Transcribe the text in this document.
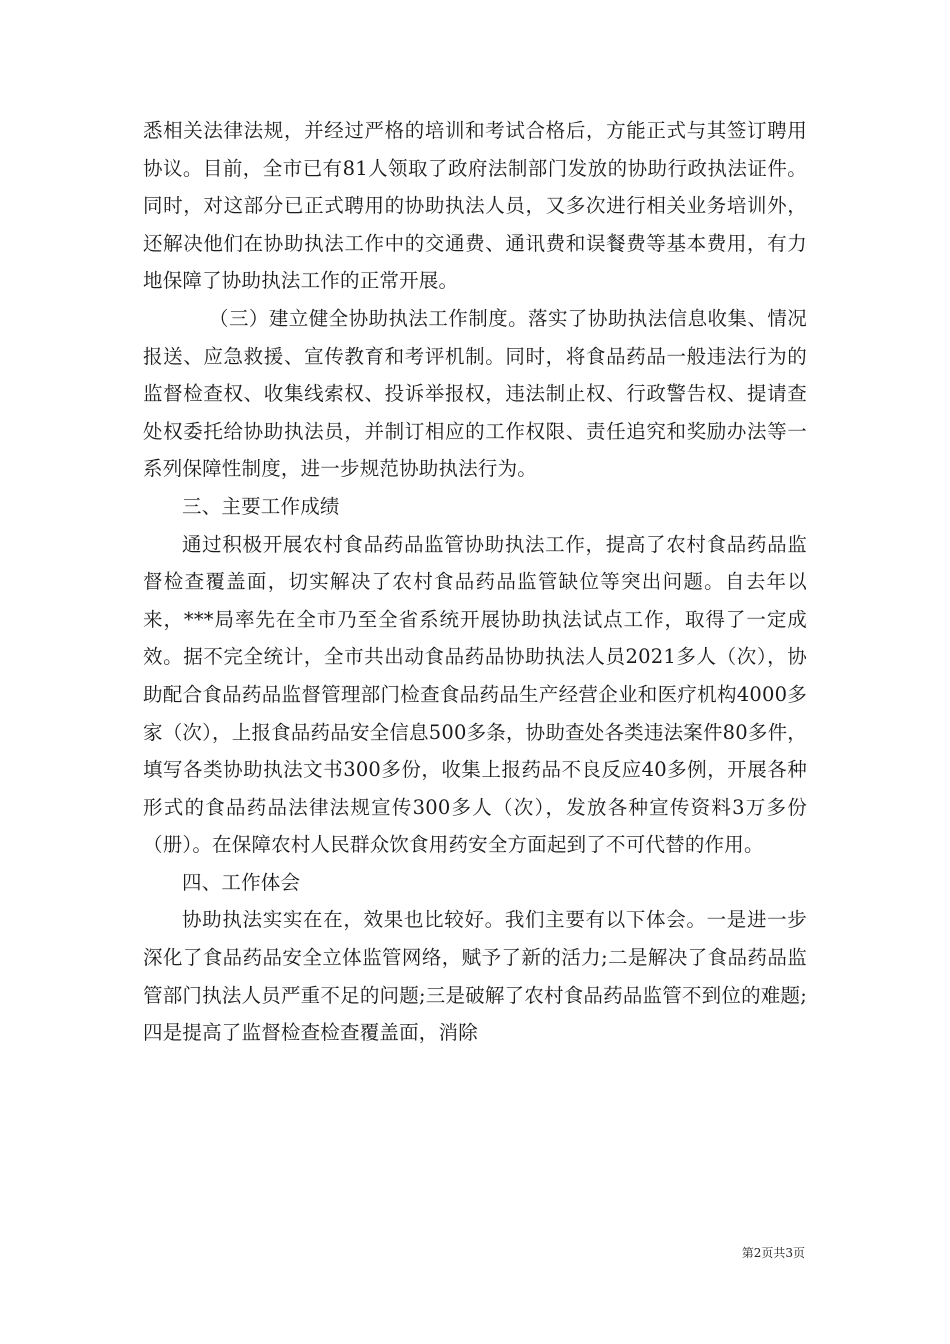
悉相关法律法规，并经过严格的培训和考试合格后，方能正式与其签订聘用协议。目前，全市已有81人领取了政府法制部门发放的协助行政执法证件。同时，对这部分已正式聘用的协助执法人员，又多次进行相关业务培训外，还解决他们在协助执法工作中的交通费、通讯费和误餐费等基本费用，有力地保障了协助执法工作的正常开展。

（三）建立健全协助执法工作制度。落实了协助执法信息收集、情况报送、应急救援、宣传教育和考评机制。同时，将食品药品一般违法行为的监督检查权、收集线索权、投诉举报权，违法制止权、行政警告权、提请查处权委托给协助执法员，并制订相应的工作权限、责任追究和奖励办法等一系列保障性制度，进一步规范协助执法行为。

三、主要工作成绩

通过积极开展农村食品药品监管协助执法工作，提高了农村食品药品监督检查覆盖面，切实解决了农村食品药品监管缺位等突出问题。自去年以来，***局率先在全市乃至全省系统开展协助执法试点工作，取得了一定成效。据不完全统计，全市共出动食品药品协助执法人员2021多人（次），协助配合食品药品监督管理部门检查食品药品生产经营企业和医疗机构4000多家（次），上报食品药品安全信息500多条，协助查处各类违法案件80多件，填写各类协助执法文书300多份，收集上报药品不良反应40多例，开展各种形式的食品药品法律法规宣传300多人（次），发放各种宣传资料3万多份（册）。在保障农村人民群众饮食用药安全方面起到了不可代替的作用。

四、工作体会

协助执法实实在在，效果也比较好。我们主要有以下体会。一是进一步深化了食品药品安全立体监管网络，赋予了新的活力;二是解决了食品药品监管部门执法人员严重不足的问题;三是破解了农村食品药品监管不到位的难题;四是提高了监督检查检查覆盖面，消除

第2页共3页
